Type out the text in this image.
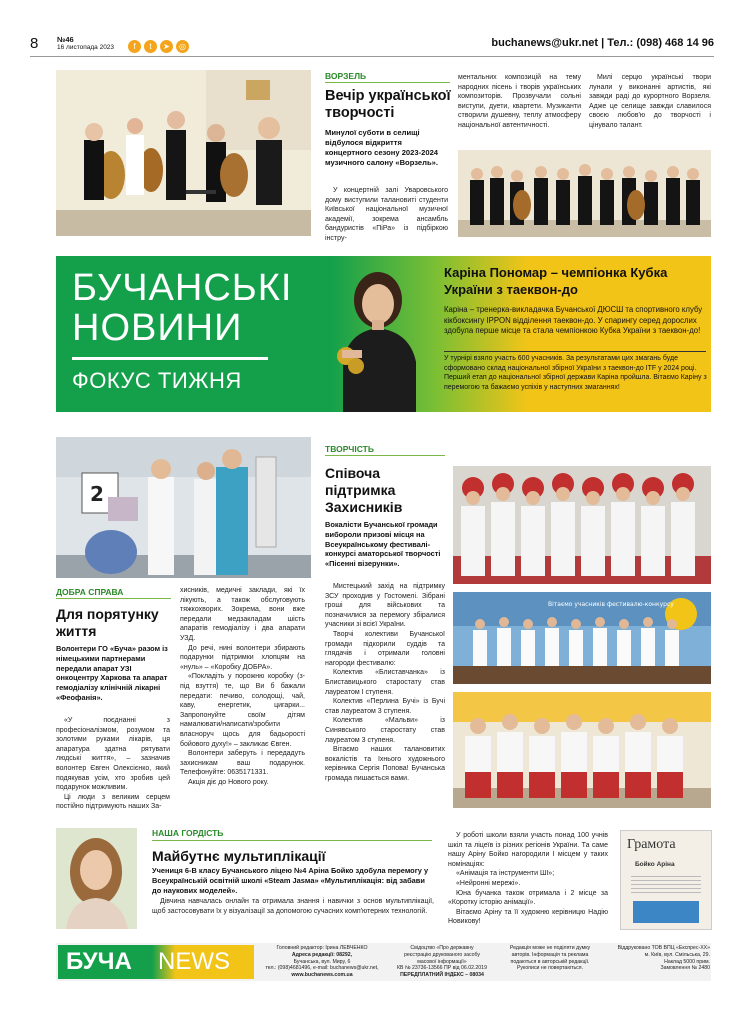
8 №46
16 листопада 2023	f t ➤ ◎	buchanews@ukr.net | Тел.: (098) 468 14 96
ВОРЗЕЛЬ
Вечір української творчості
Минулої суботи в селищі відбулося відкриття концертного сезону 2023-2024 музичного салону «Ворзель».

У концертній залі Уваровського дому виступили талановиті студенти Київської національної музичної академії, зокрема ансамбль бандуристів «ПіРа» із підбіркою інстру-

ментальних композицій на тему народних пісень і творів українських композиторів. Прозвучали сольні виступи, дуети, квартети. Музиканти створили душевну, теплу атмосферу національної автентичності.

Милі серцю українські твори лунали у виконанні артистів, які завжди раді до курортного Ворзеля. Адже це селище завжди славилося своєю любов'ю до творчості і цінувало талант.

БУЧАНСЬКІ
НОВИНИ
ФОКУС ТИЖНЯ
Каріна Пономар – чемпіонка Кубка України з таеквон-до
Каріна – тренерка-викладачка Бучанської ДЮСШ та спортивного клубу кікбоксингу IPPON відділення таеквон-до. У спарингу серед дорослих здобула перше місце та стала чемпіонкою Кубка України з таеквон-до!
У турнірі взяло участь 600 учасників. За результатами цих змагань буде сформовано склад національної збірної України з таеквон-до ITF у 2024 році. Перший етап до національної збірної держави Каріна пройшла. Вітаємо Каріну з перемогою та бажаємо успіхів у наступних змаганнях!
2
ДОБРА СПРАВА
Для порятунку життя
Волонтери ГО «Буча» разом із німецькими партнерами передали апарат УЗІ онкоцентру Харкова та апарат гемодіалізу клінічній лікарні «Феофанія».

«У поєднанні з професіоналізмом, розумом та золотими руками лікарів, ця апаратура здатна рятувати людські життя», – зазначив волонтер Євген Олексієнко, який подякував усім, хто зробив цей подарунок можливим.

Ці люди з великим серцем постійно підтримують наших За-

хисників, медичні заклади, які їх лікують, а також обслуговують тяжкохворих. Зокрема, вони вже передали медзакладам шість апаратів гемодіалізу і два апарати УЗД.

До речі, нині волонтери збирають подарунки підтримки хлопцям на «нуль» – «Коробку ДОБРА».

«Покладіть у порожню коробку (з-під взуття) те, що Ви б бажали передати: печиво, солодощі, чай, каву, енергетик, цигарки... Запропонуйте своїм дітям намалювати/написати/зробити власноруч щось для бадьорості бойового духу!» – закликає Євген.

Волонтери заберуть і передадуть захисникам ваш подарунок. Телефонуйте: 0635171331.

Акція діє до Нового року.

ТВОРЧІСТЬ
Співоча підтримка Захисників
Вокалісти Бучанської громади вибороли призові місця на Всеукраїнському фестивалі-конкурсі аматорської творчості «Пісенні візерунки».

Мистецький захід на підтримку ЗСУ проходив у Гостомелі. Зібрані гроші для військових та позначилися за перемогу збіралися учасники зі всієї України.

Творчі колективи Бучанської громади підкорили суддів та глядачів і отримали головні нагороди фестивалю:

Колектив «Блиставчанка» із Блиставицького старостату став лауреатом І ступеня.

Колектив «Перлина Бучі» із Бучі став лауреатом 3 ступеня.

Колектив «Мальви» із Синявського старостату став лауреатом 3 ступеня.

Вітаємо наших талановитих вокалістів та їхнього художнього керівника Сергія Попова! Бучанська громада пишається вами.

Вітаємо учасників фестивалю-конкурсу
НАША ГОРДІСТЬ
Майбутнє мультиплікації
Учениця 6-В класу Бучанського ліцею №4 Аріна Бойко здобула перемогу у Всеукраїнській освітній школі «Steam Jasмa» «Мультиплікація: від забави до наукових моделей».

Дівчина навчалась онлайн та отримала знання і навички з основ мультиплікації, щоб застосовувати їх у візуалізації за допомогою сучасних комп'ютерних технологій.

У роботі школи взяли участь понад 100 учнів шкіл та ліцеїв із різних регіонів України. Та саме нашу Аріну Бойко нагородили І місцем у таких номінаціях:

«Анімація та інструменти ШІ»;

«Нейронні мережі».

Юна бучанка також отримала і 2 місце за «Коротку історію анімації».

Вітаємо Аріну та її художню керівницю Надію Новикову!

Грамота
Бойко Аріна
БУЧА NEWS	Головний редактор: Ірина ЛЕВЧЕНКО
Адреса редакції: 08292,
Бучанська, вул. Миру, 6
тел.: (098)4681496, e-mail: buchanews@ukr.net,
www.buchanews.com.ua
Свідоцтво «Про державну
реєстрацію друкованого засобу
масової інформації»
КВ № 23736-13566 ПР від 06.02.2019
ПЕРЕДПЛАТНИЙ ІНДЕКС – 08034
Редакція може не поділяти думку
авторів. Інформація та реклама
подаються в авторській редакції.
Рукописи не повертаються.
Віддруковано ТОВ ВПЦ «Експрес-ХХ»
м. Київ, вул. Смільська, 29.
Наклад 5000 прим.
Замовлення № 2480
